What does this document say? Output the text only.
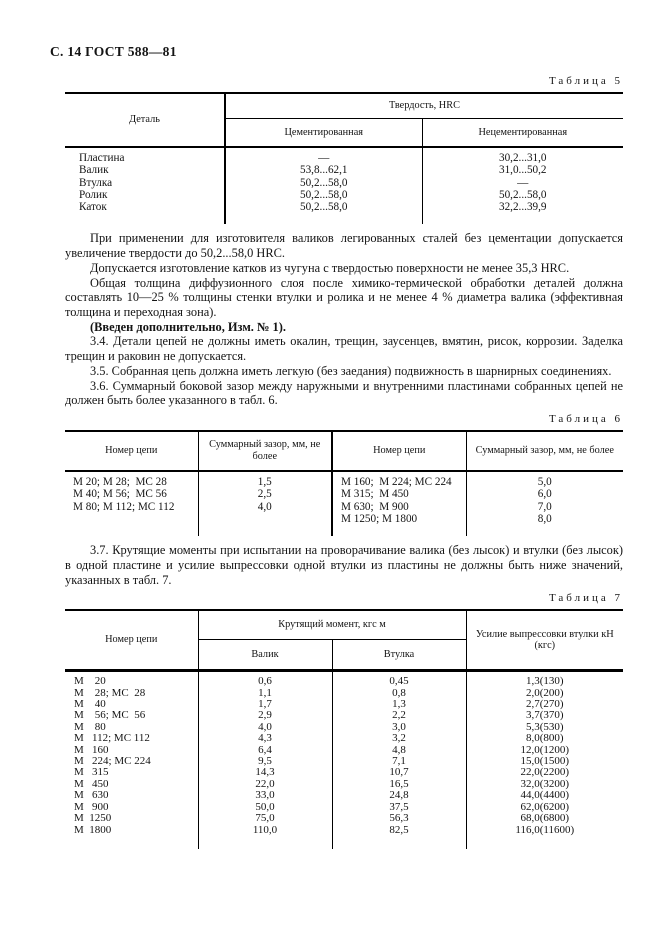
С. 14 ГОСТ 588—81
Таблица 5
Деталь	Твердость, HRC	
	Цементированная	Нецементированная
Пластина	—	30,2...31,0
Валик	53,8...62,1	31,0...50,2
Втулка	50,2...58,0	—
Ролик	50,2...58,0	50,2...58,0
Каток	50,2...58,0	32,2...39,9

При применении для изготовителя валиков легированных сталей без цементации допускается увеличение твердости до 50,2...58,0 HRC.

Допускается изготовление катков из чугуна с твердостью поверхности не менее 35,3 HRC.

Общая толщина диффузионного слоя после химико-термической обработки деталей должна составлять 10—25 % толщины стенки втулки и ролика и не менее 4 % диаметра валика (эффективная толщина и переходная зона).

(Введен дополнительно, Изм. № 1).

3.4. Детали цепей не должны иметь окалин, трещин, заусенцев, вмятин, рисок, коррозии. Заделка трещин и раковин не допускается.

3.5. Собранная цепь должна иметь легкую (без заедания) подвижность в шарнирных соединениях.

3.6. Суммарный боковой зазор между наружными и внутренними пластинами собранных цепей не должен быть более указанного в табл. 6.

Таблица 6
Номер цепи	Суммарный зазор, мм, не более	Номер цепи	Суммарный зазор, мм, не более
М 20; М 28;  МС 28	1,5	М 160;  М 224; МС 224	5,0
М 40; М 56;  МС 56	2,5	М 315;  М 450	6,0
М 80; М 112; МС 112	4,0	М 630;  М 900	7,0
		М 1250; М 1800	8,0

3.7. Крутящие моменты при испытании на проворачивание валика (без лысок) и втулки (без лысок) в одной пластине и усилие выпрессовки одной втулки из пластины не должны быть ниже значений, указанных в табл. 7.

Таблица 7
Номер цепи	Крутящий момент, кгс м		Усилие выпрессовки втулки кН (кгс)
	Валик	Втулка	
М    20	0,6	0,45	1,3(130)
М    28; МС  28	1,1	0,8	2,0(200)
М    40	1,7	1,3	2,7(270)
М    56; МС  56	2,9	2,2	3,7(370)
М    80	4,0	3,0	5,3(530)
М   112; МС 112	4,3	3,2	8,0(800)
М   160	6,4	4,8	12,0(1200)
М   224; МС 224	9,5	7,1	15,0(1500)
М   315	14,3	10,7	22,0(2200)
М   450	22,0	16,5	32,0(3200)
М   630	33,0	24,8	44,0(4400)
М   900	50,0	37,5	62,0(6200)
М  1250	75,0	56,3	68,0(6800)
М  1800	110,0	82,5	116,0(11600)
